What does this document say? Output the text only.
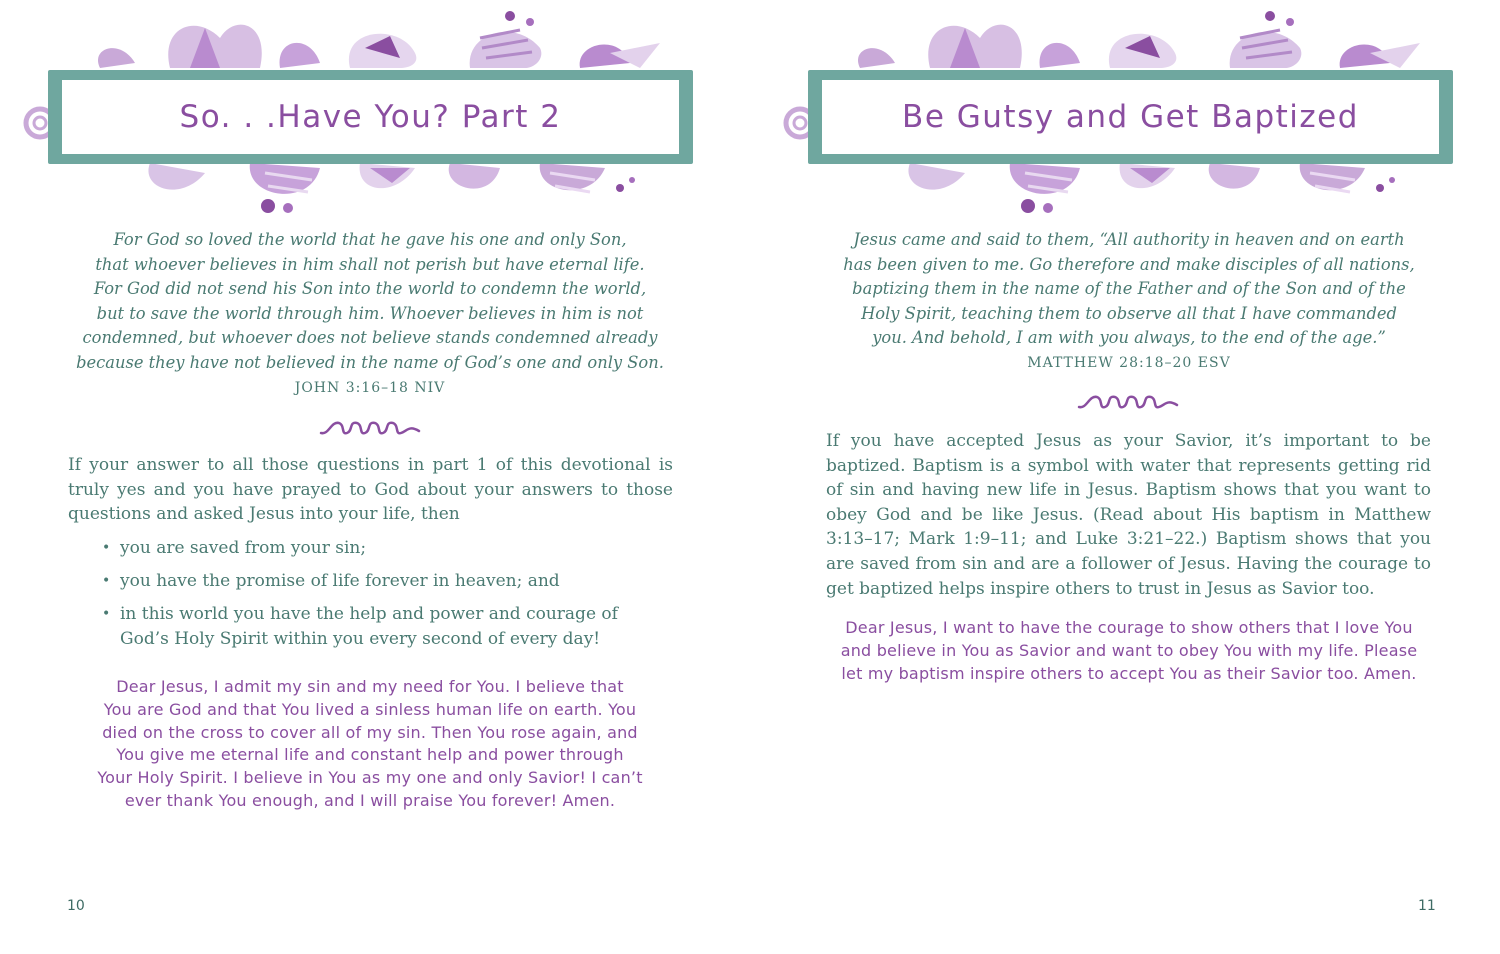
So. . .Have You? Part 2
For God so loved the world that he gave his one and only Son,
that whoever believes in him shall not perish but have eternal life.
For God did not send his Son into the world to condemn the world,
but to save the world through him. Whoever believes in him is not
condemned, but whoever does not believe stands condemned already
because they have not believed in the name of God’s one and only Son.
JOHN 3:16–18 NIV
If your answer to all those questions in part 1 of this devotional is truly yes and you have prayed to God about your answers to those questions and asked Jesus into your life, then
• you are saved from your sin;
• you have the promise of life forever in heaven; and
• in this world you have the help and power and courage of God’s Holy Spirit within you every second of every day!
Dear Jesus, I admit my sin and my need for You. I believe that
You are God and that You lived a sinless human life on earth. You
died on the cross to cover all of my sin. Then You rose again, and
You give me eternal life and constant help and power through
Your Holy Spirit. I believe in You as my one and only Savior! I can’t
ever thank You enough, and I will praise You forever! Amen.
10
Be Gutsy and Get Baptized
Jesus came and said to them, “All authority in heaven and on earth
has been given to me. Go therefore and make disciples of all nations,
baptizing them in the name of the Father and of the Son and of the
Holy Spirit, teaching them to observe all that I have commanded
you. And behold, I am with you always, to the end of the age.”
MATTHEW 28:18–20 ESV
If you have accepted Jesus as your Savior, it’s important to be baptized. Baptism is a symbol with water that represents getting rid of sin and having new life in Jesus. Baptism shows that you want to obey God and be like Jesus. (Read about His baptism in Matthew 3:13–17; Mark 1:9–11; and Luke 3:21–22.) Baptism shows that you are saved from sin and are a follower of Jesus. Having the courage to get baptized helps inspire others to trust in Jesus as Savior too.
Dear Jesus, I want to have the courage to show others that I love You
and believe in You as Savior and want to obey You with my life. Please
let my baptism inspire others to accept You as their Savior too. Amen.
11
